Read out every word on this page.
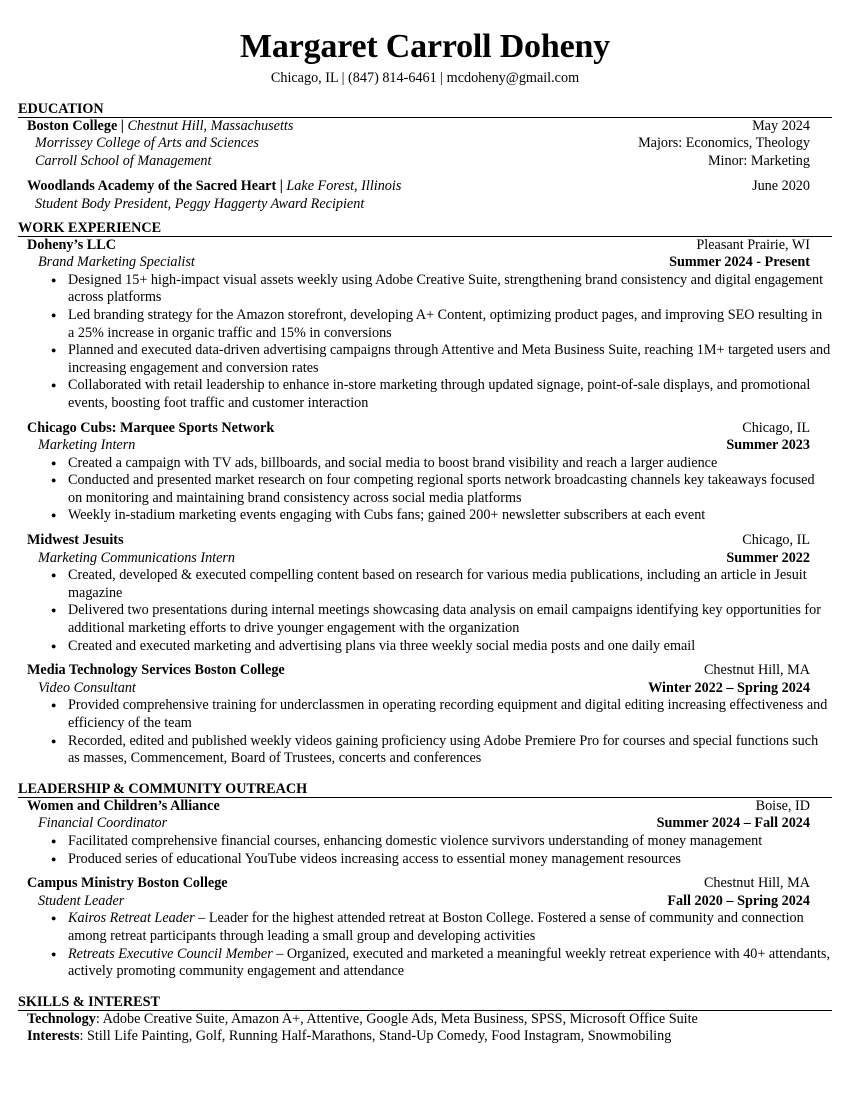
Margaret Carroll Doheny
Chicago, IL | (847) 814-6461 | mcdoheny@gmail.com
EDUCATION
Boston College | Chestnut Hill, Massachusetts	May 2024
Morrissey College of Arts and Sciences	Majors: Economics, Theology
Carroll School of Management	Minor: Marketing
Woodlands Academy of the Sacred Heart | Lake Forest, Illinois	June 2020
Student Body President, Peggy Haggerty Award Recipient
WORK EXPERIENCE
Doheny’s LLC	Pleasant Prairie, WI
Brand Marketing Specialist	Summer 2024 - Present
● Designed 15+ high-impact visual assets weekly using Adobe Creative Suite, strengthening brand consistency and digital engagement across platforms
● Led branding strategy for the Amazon storefront, developing A+ Content, optimizing product pages, and improving SEO resulting in a 25% increase in organic traffic and 15% in conversions
● Planned and executed data-driven advertising campaigns through Attentive and Meta Business Suite, reaching 1M+ targeted users and increasing engagement and conversion rates
● Collaborated with retail leadership to enhance in-store marketing through updated signage, point-of-sale displays, and promotional events, boosting foot traffic and customer interaction
Chicago Cubs: Marquee Sports Network	Chicago, IL
Marketing Intern	Summer 2023
● Created a campaign with TV ads, billboards, and social media to boost brand visibility and reach a larger audience
● Conducted and presented market research on four competing regional sports network broadcasting channels key takeaways focused on monitoring and maintaining brand consistency across social media platforms
● Weekly in-stadium marketing events engaging with Cubs fans; gained 200+ newsletter subscribers at each event
Midwest Jesuits	Chicago, IL
Marketing Communications Intern	Summer 2022
● Created, developed & executed compelling content based on research for various media publications, including an article in Jesuit magazine
● Delivered two presentations during internal meetings showcasing data analysis on email campaigns identifying key opportunities for additional marketing efforts to drive younger engagement with the organization
● Created and executed marketing and advertising plans via three weekly social media posts and one daily email
Media Technology Services Boston College	Chestnut Hill, MA
Video Consultant	Winter 2022 – Spring 2024
● Provided comprehensive training for underclassmen in operating recording equipment and digital editing increasing effectiveness and efficiency of the team
● Recorded, edited and published weekly videos gaining proficiency using Adobe Premiere Pro for courses and special functions such as masses, Commencement, Board of Trustees, concerts and conferences
LEADERSHIP & COMMUNITY OUTREACH
Women and Children’s Alliance	Boise, ID
Financial Coordinator	Summer 2024 – Fall 2024
● Facilitated comprehensive financial courses, enhancing domestic violence survivors understanding of money management
● Produced series of educational YouTube videos increasing access to essential money management resources
Campus Ministry Boston College	Chestnut Hill, MA
Student Leader	Fall 2020 – Spring 2024
● Kairos Retreat Leader – Leader for the highest attended retreat at Boston College. Fostered a sense of community and connection among retreat participants through leading a small group and developing activities
● Retreats Executive Council Member – Organized, executed and marketed a meaningful weekly retreat experience with 40+ attendants, actively promoting community engagement and attendance
SKILLS & INTEREST
Technology: Adobe Creative Suite, Amazon A+, Attentive, Google Ads, Meta Business, SPSS, Microsoft Office Suite
Interests: Still Life Painting, Golf, Running Half-Marathons, Stand-Up Comedy, Food Instagram, Snowmobiling
